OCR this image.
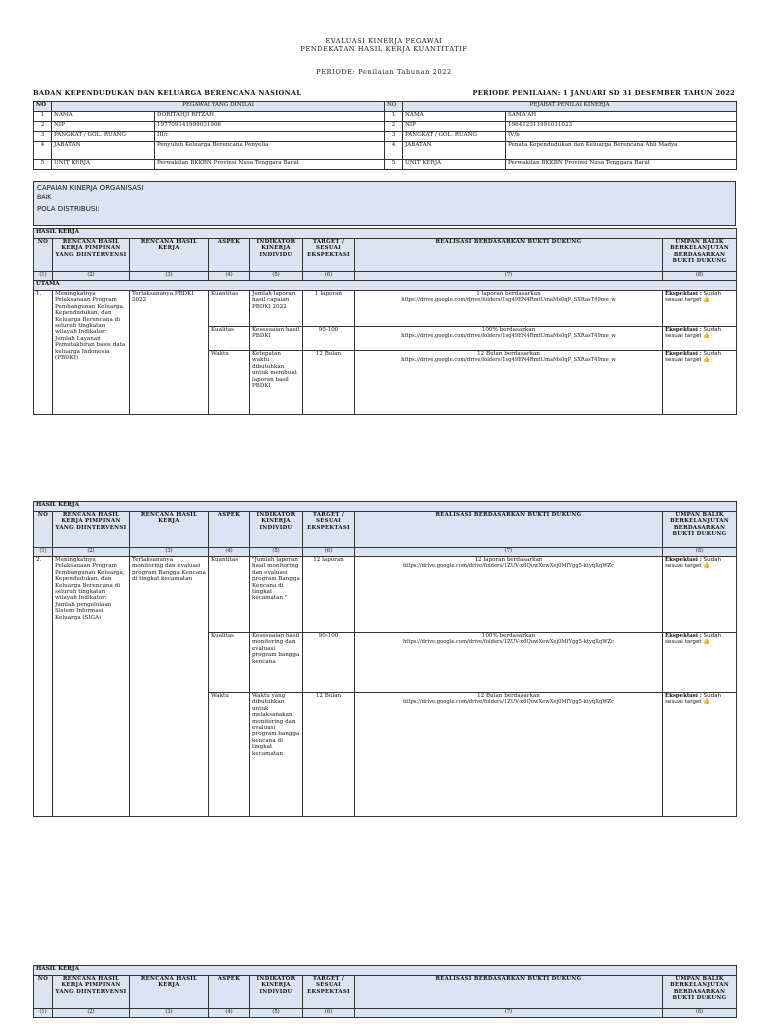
EVALUASI KINERJA PEGAWAI
PENDEKATAN HASIL KERJA KUANTITATIF
PERIODE: Penilaian Tahunan 2022
BADAN KEPENDUDUKAN DAN KELUARGA BERENCANA NASIONAL	PERIODE PENILAIAN: 1 JANUARI SD 31 DESEMBER TAHUN 2022
NO	PEGAWAI YANG DINILAI		NO	PEJABAT PENILAI KINERJA	
1	NAMA	DORITAHJI RITZAH	1	NAMA	SAMA'AH
2	NIP	197709141999031006	2	NIP	196412311991031023
3	PANGKAT / GOL. RUANG	III/c	3	PANGKAT / GOL. RUANG	IV/b
4	JABATAN	Penyuluh Keluarga Berencana Penyelia	4	JABATAN	Penata Kependudukan dan Keluarga Berencana Ahli Madya
5	UNIT KERJA	Perwakilan BKKBN Provinsi Nusa Tenggara Barat	5	UNIT KERJA	Perwakilan BKKBN Provinsi Nusa Tenggara Barat
CAPAIAN KINERJA ORGANISASI
BAIK
POLA DISTRIBUSI:
HASIL KERJA							
NO	RENCANA HASIL KERJA PIMPINAN YANG DIINTERVENSI	RENCANA HASIL KERJA	ASPEK	INDIKATOR KINERJA INDIVIDU	TARGET / SESUAI EKSPEKTASI	REALISASI BERDASARKAN BUKTI DUKUNG	UMPAN BALIK BERKELANJUTAN BERDASARKAN BUKTI DUKUNG
(1)	(2)	(3)	(4)	(5)	(6)	(7)	(8)
UTAMA							
1.	Meningkatnya Pelaksanaan Program Pembangunan Keluarga, Kependudukan, dan Keluarga Berencana di seluruh tingkatan wilayah Indikator: Jumlah Layanan Pemutakhiran basis data keluarga Indonesia (PBDKI)	Terlaksananya PBDKI 2022	Kuantitas	Jumlah laporan hasil capaian PBDKI 2022	1 laporan	1 laporan berdasarkan
https://drive.google.com/drive/folders/1sg49EN4RmtUmaMs0qP_SXRasT49me_w	Ekspektasi : Sudah sesuai target 👍
			Kualitas	Kesesuaian hasil PBDKI	90-100	100% berdasarkan
https://drive.google.com/drive/folders/1sg49EN4RmtUmaMs0qP_SXRasT49me_w	Ekspektasi : Sudah sesuai target 👍
			Waktu	Ketepatan waktu dibutuhkan untuk membuat laporan hasil PBDKI	12 Bulan	12 Bulan berdasarkan
https://drive.google.com/drive/folders/1sg49EN4RmtUmaMs0qP_SXRasT49me_w	Ekspektasi : Sudah sesuai target 👍
HASIL KERJA							
NO	RENCANA HASIL KERJA PIMPINAN YANG DIINTERVENSI	RENCANA HASIL KERJA	ASPEK	INDIKATOR KINERJA INDIVIDU	TARGET / SESUAI EKSPEKTASI	REALISASI BERDASARKAN BUKTI DUKUNG	UMPAN BALIK BERKELANJUTAN BERDASARKAN BUKTI DUKUNG
(1)	(2)	(3)	(4)	(5)	(6)	(7)	(8)
2.	Meningkatnya Pelaksanaan Program Pembangunan Keluarga, Kependudukan, dan Keluarga Berencana di seluruh tingkatan wilayah Indikator: Jumlah pengelolaan Sistem Informasi Keluarga (SIGA)	Terlaksananya monitoring dan evaluasi program Bangga Kencana di tingkat kecamatan	Kuantitas	"Jumlah laporan hasil monitoring dan evaluasi program Bangga Kencana di tingkat kecamatan "	12 laporan	12 laporan berdasarkan
https://drive.google.com/drive/folders/1ZUV-x6QuwXewXej0MfYgg5-ktyqXqWZc	Ekspektasi : Sudah sesuai target 👍
			Kualitas	Kesesuaian hasil monitoring dan evaluasi program bangga kencana	90-100	100% berdasarkan
https://drive.google.com/drive/folders/1ZUV-x6QuwXewXej0MfYgg5-ktyqXqWZc	Ekspektasi : Sudah sesuai target 👍
			Waktu	Waktu yang dibutuhkan untuk melaksanakan monitoring dan evaluasi program bangga kencana di tingkat kecamatan	12 Bulan	12 Bulan berdasarkan
https://drive.google.com/drive/folders/1ZUV-x6QuwXewXej0MfYgg5-ktyqXqWZc	Ekspektasi : Sudah sesuai target 👍
HASIL KERJA							
NO	RENCANA HASIL KERJA PIMPINAN YANG DIINTERVENSI	RENCANA HASIL KERJA	ASPEK	INDIKATOR KINERJA INDIVIDU	TARGET / SESUAI EKSPEKTASI	REALISASI BERDASARKAN BUKTI DUKUNG	UMPAN BALIK BERKELANJUTAN BERDASARKAN BUKTI DUKUNG
(1)	(2)	(3)	(4)	(5)	(6)	(7)	(8)
